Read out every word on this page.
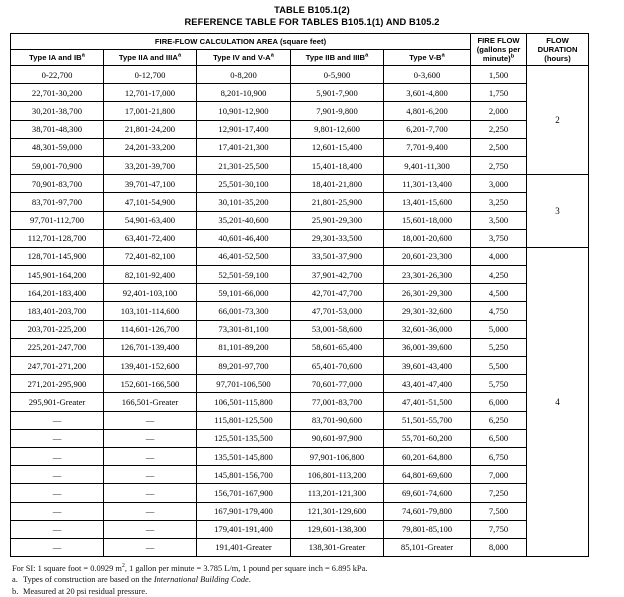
TABLE B105.1(2)
REFERENCE TABLE FOR TABLES B105.1(1) AND B105.2
FIRE-FLOW CALCULATION AREA (square feet)	FIRE FLOW
(gallons per minute)$^b$

FLOW DURATION
(hours)

Type IA and $IB^a$	Type IIA and IIIA$^a$	Type IV and $V-A^a$	Type IIB and IIIB$^a$	Type $V-B^a$
0-22,700	0-12,700	0-8,200	0-5,900	0-3,600	1,500	2
22,701-30,200	12,701-17,000	8,201-10,900	5,901-7,900	3,601-4,800	1,750	
30,201-38,700	17,001-21,800	10,901-12,900	7,901-9,800	4,801-6,200	2,000	
38,701-48,300	21,801-24,200	12,901-17,400	9,801-12,600	6,201-7,700	2,250	
48,301-59,000	24,201-33,200	17,401-21,300	12,601-15,400	7,701-9,400	2,500	
59,001-70,900	33,201-39,700	21,301-25,500	15,401-18,400	9,401-11,300	2,750	
70,901-83,700	39,701-47,100	25,501-30,100	18,401-21,800	11,301-13,400	3,000	3
83,701-97,700	47,101-54,900	30,101-35,200	21,801-25,900	13,401-15,600	3,250	
97,701-112,700	54,901-63,400	35,201-40,600	25,901-29,300	15,601-18,000	3,500	
112,701-128,700	63,401-72,400	40,601-46,400	29,301-33,500	18,001-20,600	3,750	
128,701-145,900	72,401-82,100	46,401-52,500	33,501-37,900	20,601-23,300	4,000	4
145,901-164,200	82,101-92,400	52,501-59,100	37,901-42,700	23,301-26,300	4,250	
164,201-183,400	92,401-103,100	59,101-66,000	42,701-47,700	26,301-29,300	4,500	
183,401-203,700	103,101-114,600	66,001-73,300	47,701-53,000	29,301-32,600	4,750	
203,701-225,200	114,601-126,700	73,301-81,100	53,001-58,600	32,601-36,000	5,000	
225,201-247,700	126,701-139,400	81,101-89,200	58,601-65,400	36,001-39,600	5,250	
247,701-271,200	139,401-152,600	89,201-97,700	65,401-70,600	39,601-43,400	5,500	
271,201-295,900	152,601-166,500	97,701-106,500	70,601-77,000	43,401-47,400	5,750	
295,901-Greater	166,501-Greater	106,501-115,800	77,001-83,700	47,401-51,500	6,000	
—	—	115,801-125,500	83,701-90,600	51,501-55,700	6,250	
—	—	125,501-135,500	90,601-97,900	55,701-60,200	6,500	
—	—	135,501-145,800	97,901-106,800	60,201-64,800	6,750	
—	—	145,801-156,700	106,801-113,200	64,801-69,600	7,000	
—	—	156,701-167,900	113,201-121,300	69,601-74,600	7,250	
—	—	167,901-179,400	121,301-129,600	74,601-79,800	7,500	
—	—	179,401-191,400	129,601-138,300	79,801-85,100	7,750	
—	—	191,401-Greater	138,301-Greater	85,101-Greater	8,000	
For SI: 1 square foot = 0.0929 $m^2$, 1 gallon per minute = 3.785 L/m, 1 pound per square inch = 6.895 kPa.
a. Types of construction are based on the International Building Code.
b. Measured at 20 psi residual pressure.
